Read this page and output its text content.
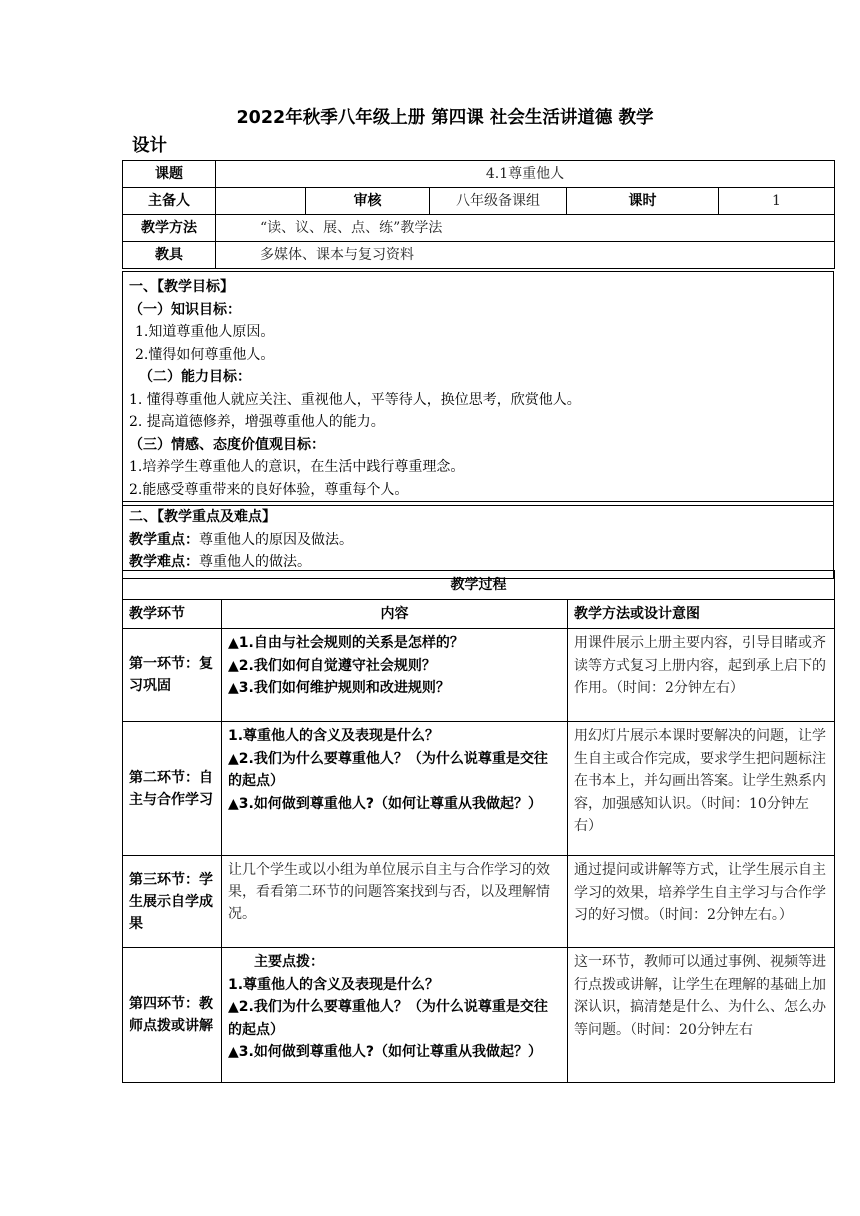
2022年秋季八年级上册 第四课 社会生活讲道德 教学
设计
课题	4.1尊重他人				
主备人		审核	八年级备课组	课时	1
教学方法	“读、议、展、点、练”教学法				
教具	多媒体、课本与复习资料				

一、【教学目标】

（一）知识目标：

1.知道尊重他人原因。

2.懂得如何尊重他人。

（二）能力目标：

1. 懂得尊重他人就应关注、重视他人，平等待人，换位思考，欣赏他人。

2. 提高道德修养，增强尊重他人的能力。

（三）情感、态度价值观目标：

1.培养学生尊重他人的意识，在生活中践行尊重理念。

2.能感受尊重带来的良好体验，尊重每个人。

二、【教学重点及难点】

教学重点：尊重他人的原因及做法。

教学难点：尊重他人的做法。

教学过程		
教学环节	内容	教学方法或设计意图
第一环节：复习巩固	▲1.自由与社会规则的关系是怎样的？

▲2.我们如何自觉遵守社会规则？

▲3.我们如何维护规则和改进规则？	用课件展示上册主要内容，引导目睹或齐读等方式复习上册内容，起到承上启下的作用。（时间：2分钟左右）
第二环节：自主与合作学习	1.尊重他人的含义及表现是什么？

▲2.我们为什么要尊重他人？（为什么说尊重是交往的起点）

▲3.如何做到尊重他人?（如何让尊重从我做起？）	用幻灯片展示本课时要解决的问题，让学生自主或合作完成，要求学生把问题标注在书本上，并勾画出答案。让学生熟系内容，加强感知认识。（时间：10分钟左右）
第三环节：学生展示自学成果	让几个学生或以小组为单位展示自主与合作学习的效果，看看第二环节的问题答案找到与否，以及理解情况。	通过提问或讲解等方式，让学生展示自主学习的效果，培养学生自主学习与合作学习的好习惯。（时间：2分钟左右。）
第四环节：教师点拨或讲解	主要点拨：

1.尊重他人的含义及表现是什么？

▲2.我们为什么要尊重他人？（为什么说尊重是交往的起点）

▲3.如何做到尊重他人?（如何让尊重从我做起？）	这一环节，教师可以通过事例、视频等进行点拨或讲解，让学生在理解的基础上加深认识，搞清楚是什么、为什么、怎么办等问题。（时间：20分钟左右
